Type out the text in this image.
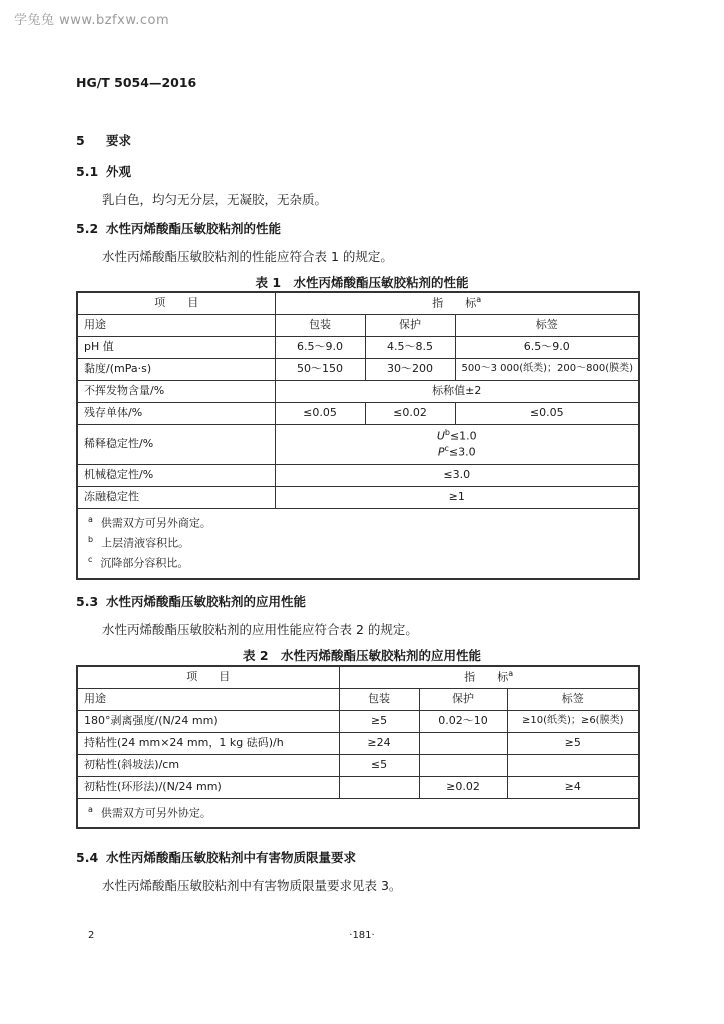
学兔兔 www.bzfxw.com
HG/T 5054—2016
5 要求
5.1 外观
乳白色，均匀无分层，无凝胶，无杂质。
5.2 水性丙烯酸酯压敏胶粘剂的性能
水性丙烯酸酯压敏胶粘剂的性能应符合表 1 的规定。
表 1　水性丙烯酸酯压敏胶粘剂的性能
项　　目	指　　标$^a$
用途	包装	保护	标签
pH 值	6.5～9.0	4.5～8.5	6.5～9.0
黏度/(mPa·s)	50～150	30～200	500～3 000(纸类)；200～800(膜类)
不挥发物含量/%	标称值±2		
残存单体/%	≤0.05	≤0.02	≤0.05
稀释稳定性/%	$U^b\le 1.0$
$P^c\le 3.0$		

机械稳定性/%	≤3.0		
冻融稳定性	≥1		

$^a$ 供需双方可另外商定。
$^b$ 上层清液容积比。
$^c$ 沉降部分容积比。			
5.3 水性丙烯酸酯压敏胶粘剂的应用性能
水性丙烯酸酯压敏胶粘剂的应用性能应符合表 2 的规定。
表 2　水性丙烯酸酯压敏胶粘剂的应用性能
项　　目	指　　标$^a$
用途	包装	保护	标签
180°剥离强度/(N/24 mm)	≥5	0.02～10	≥10(纸类)；≥6(膜类)
持粘性(24 mm×24 mm，1 kg 砝码)/h	≥24		≥5
初粘性(斜坡法)/cm	≤5		
初粘性(环形法)/(N/24 mm)		≥0.02	≥4

$^a$ 供需双方可另外协定。			
5.4 水性丙烯酸酯压敏胶粘剂中有害物质限量要求
水性丙烯酸酯压敏胶粘剂中有害物质限量要求见表 3。
2	·181·
